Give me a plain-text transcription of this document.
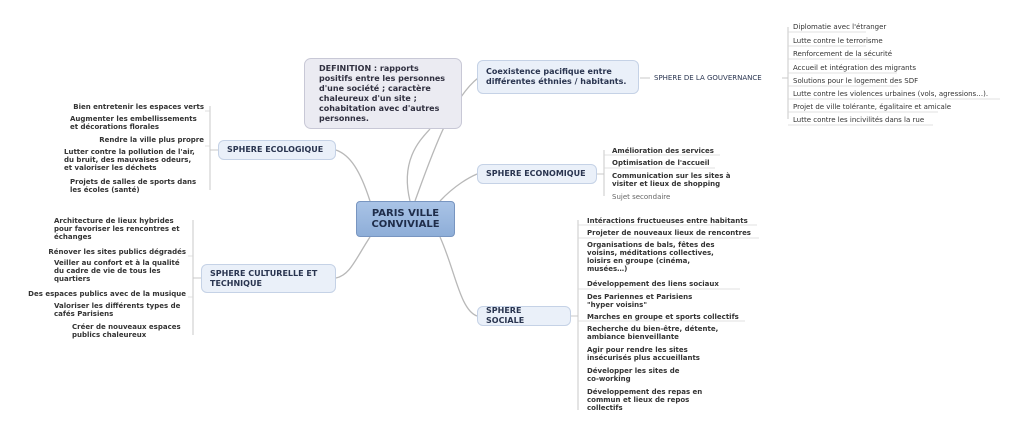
PARIS VILLE
CONVIVIALE
DEFINITION : rapports positifs entre les personnes d'une société ; caractère chaleureux d'un site ; cohabitation avec d'autres personnes.
Coexistence pacifique entre différentes éthnies / habitants.	SPHERE DE LA GOUVERNANCE
Diplomatie avec l'étranger
Lutte contre le terrorisme
Renforcement de la sécurité
Accueil et intégration des migrants
Solutions pour le logement des SDF
Lutte contre les violences urbaines (vols, agressions…).
Projet de ville tolérante, égalitaire et amicale
Lutte contre les incivilités dans la rue
SPHERE ECONOMIQUE
Amélioration des services
Optimisation de l'accueil
Communication sur les sites à
visiter et lieux de shopping
Sujet secondaire
SPHERE SOCIALE
Intéractions fructueuses entre habitants
Projeter de nouveaux lieux de rencontres
Organisations de bals, fêtes des
voisins, méditations collectives,
loisirs en groupe (cinéma,
musées…)
Développement des liens sociaux
Des Pariennes et Parisiens
"hyper voisins"
Marches en groupe et sports collectifs
Recherche du bien-être, détente,
ambiance bienveillante
Agir pour rendre les sites
insécurisés plus accueillants
Développer les sites de
co-working
Développement des repas en
commun et lieux de repos
collectifs
SPHERE ECOLOGIQUE
Bien entretenir les espaces verts
Augmenter les embellissements
et décorations florales
Rendre la ville plus propre
Lutter contre la pollution de l'air,
du bruit, des mauvaises odeurs,
et valoriser les déchets
Projets de salles de sports dans
les écoles (santé)
SPHERE CULTURELLE ET
TECHNIQUE
Architecture de lieux hybrides
pour favoriser les rencontres et
échanges
Rénover les sites publics dégradés
Veiller au confort et à la qualité
du cadre de vie de tous les
quartiers
Des espaces publics avec de la musique
Valoriser les différents types de
cafés Parisiens
Créer de nouveaux espaces
publics chaleureux
